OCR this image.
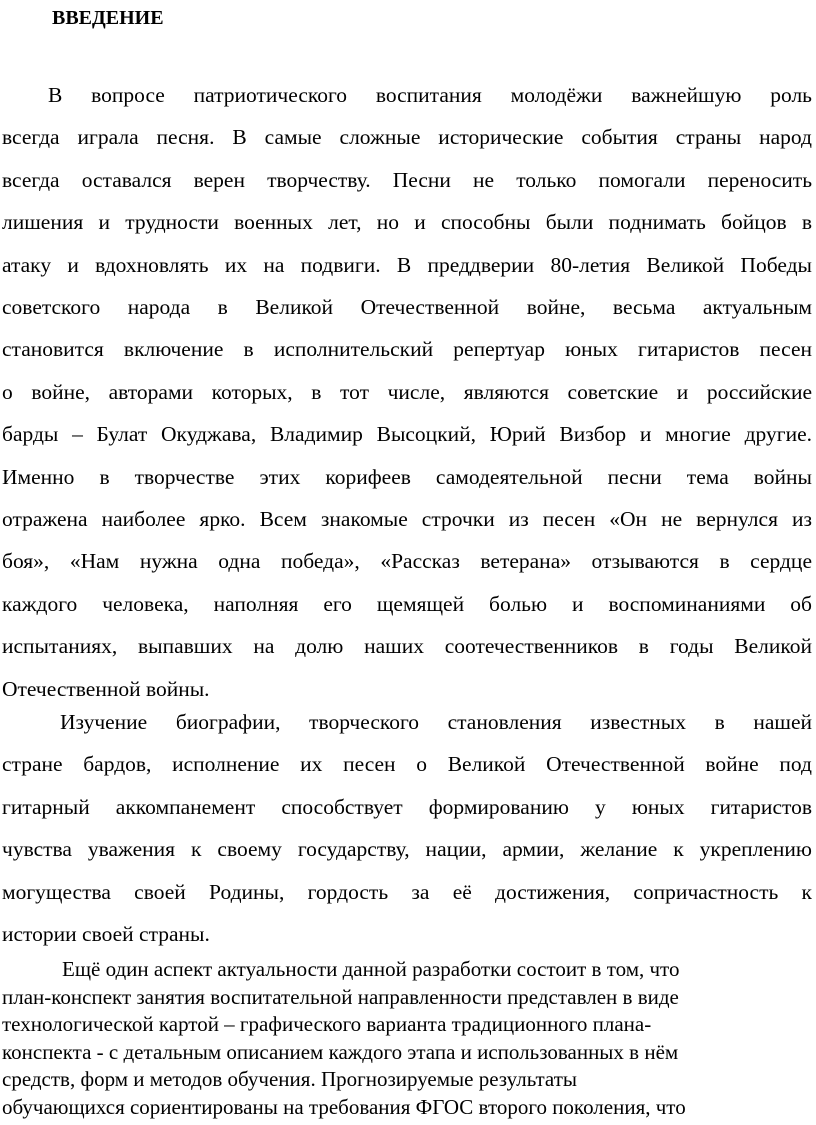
ВВЕДЕНИЕ
В вопросе патриотического воспитания молодёжи важнейшую роль
всегда играла песня. В самые сложные исторические события страны народ
всегда оставался верен творчеству. Песни не только помогали переносить
лишения и трудности военных лет, но и способны были поднимать бойцов в
атаку и вдохновлять их на подвиги. В преддверии 80-летия Великой Победы
советского народа в Великой Отечественной войне, весьма актуальным
становится включение в исполнительский репертуар юных гитаристов песен
о войне, авторами которых, в тот числе, являются советские и российские
барды – Булат Окуджава, Владимир Высоцкий, Юрий Визбор и многие другие.
Именно в творчестве этих корифеев самодеятельной песни тема войны
отражена наиболее ярко. Всем знакомые строчки из песен «Он не вернулся из
боя», «Нам нужна одна победа», «Рассказ ветерана» отзываются в сердце
каждого человека, наполняя его щемящей болью и воспоминаниями об
испытаниях, выпавших на долю наших соотечественников в годы Великой
Отечественной войны.
Изучение биографии, творческого становления известных в нашей
стране бардов, исполнение их песен о Великой Отечественной войне под
гитарный аккомпанемент способствует формированию у юных гитаристов
чувства уважения к своему государству, нации, армии, желание к укреплению
могущества своей Родины, гордость за её достижения, сопричастность к
истории своей страны.
Ещё один аспект актуальности данной разработки состоит в том, что
план-конспект занятия воспитательной направленности представлен в виде
технологической картой – графического варианта традиционного плана-
конспекта - с детальным описанием каждого этапа и использованных в нём
средств, форм и методов обучения. Прогнозируемые результаты
обучающихся сориентированы на требования ФГОС второго поколения, что
